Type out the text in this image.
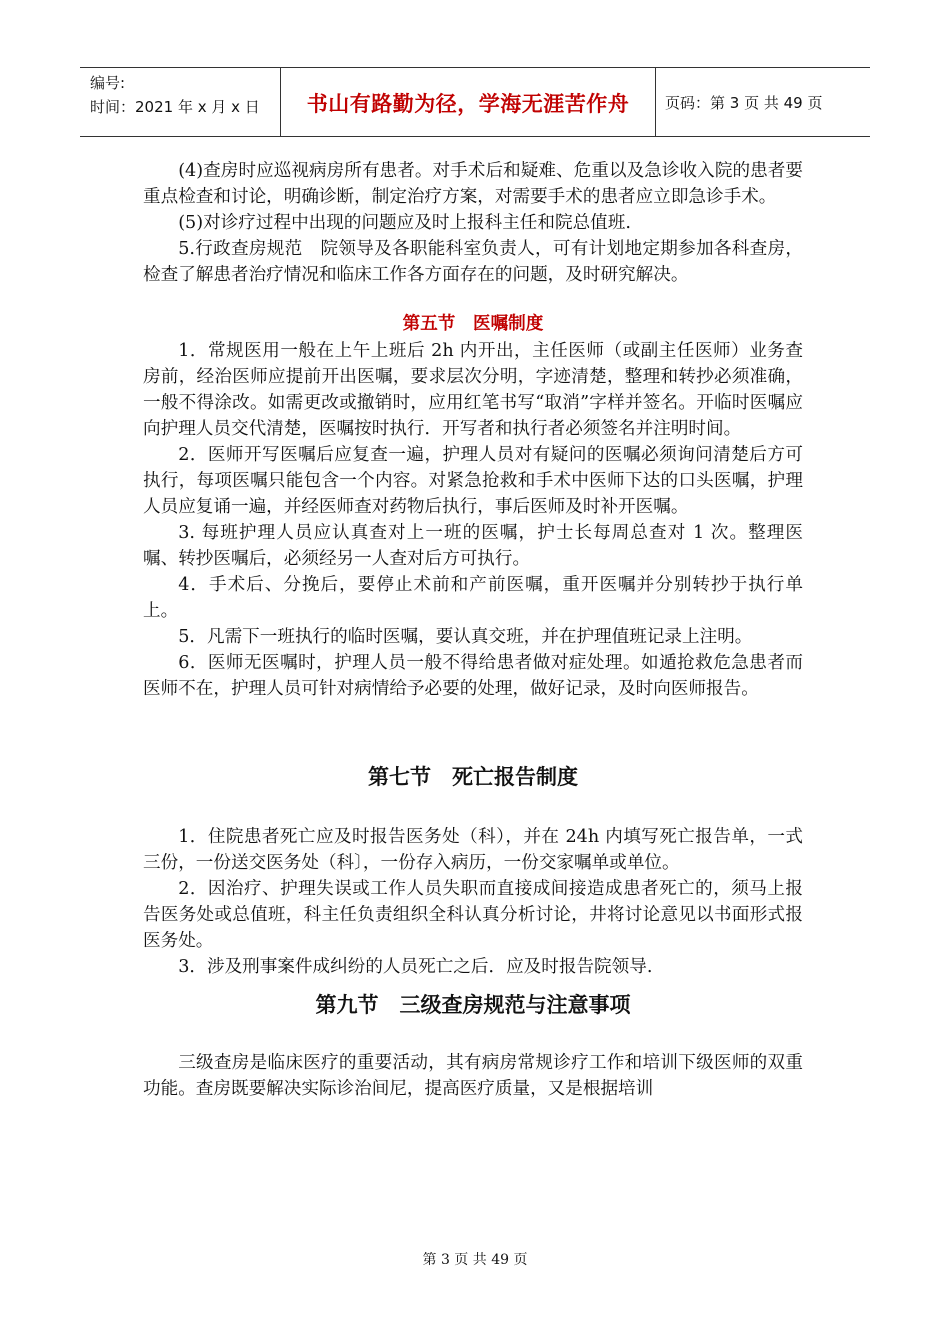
编号:
时间：2021 年 x 月 x 日	书山有路勤为径，学海无涯苦作舟	页码：第 3 页 共 49 页

(4)查房时应巡视病房所有患者。对手术后和疑难、危重以及急诊收入院的患者要重点检查和讨论，明确诊断，制定治疗方案，对需要手术的患者应立即急诊手术。

(5)对诊疗过程中出现的问题应及时上报科主任和院总值班.

5.行政查房规范　院领导及各职能科室负责人，可有计划地定期参加各科查房，检查了解患者治疗情况和临床工作各方面存在的问题，及时研究解决。

第五节　医嘱制度

1．常规医用一般在上午上班后 2h 内开出，主任医师（或副主任医师）业务查房前，经治医师应提前开出医嘱，要求层次分明，字迹清楚，整理和转抄必须准确，一般不得涂改。如需更改或撤销时，应用红笔书写“取消”字样并签名。开临时医嘱应向护理人员交代清楚，医嘱按时执行．开写者和执行者必须签名并注明时间。

2．医师开写医嘱后应复查一遍，护理人员对有疑问的医嘱必须询问清楚后方可执行，每项医嘱只能包含一个内容。对紧急抢救和手术中医师下达的口头医嘱，护理人员应复诵一遍，并经医师查对药物后执行，事后医师及时补开医嘱。

3. 每班护理人员应认真查对上一班的医嘱，护士长每周总查对 1 次。整理医嘱、转抄医嘱后，必须经另一人查对后方可执行。

4．手术后、分挽后，要停止术前和产前医嘱，重开医嘱并分别转抄于执行单上。

5．凡需下一班执行的临时医嘱，要认真交班，并在护理值班记录上注明。

6．医师无医嘱时，护理人员一般不得给患者做对症处理。如遁抢救危急患者而医师不在，护理人员可针对病情给予必要的处理，做好记录，及时向医师报告。

第七节　死亡报告制度

1．住院患者死亡应及时报告医务处（科），并在 24h 内填写死亡报告单，一式三份，一份送交医务处（科〕，一份存入病历，一份交家嘱单或单位。

2．因治疗、护理失误或工作人员失职而直接成间接造成患者死亡的，须马上报告医务处或总值班，科主任负责组织全科认真分析讨论，井将讨论意见以书面形式报医务处。

3．涉及刑事案件成纠纷的人员死亡之后．应及时报告院领导.

第九节　三级查房规范与注意事项

三级查房是临床医疗的重要活动，其有病房常规诊疗工作和培训下级医师的双重功能。查房既要解决实际诊治间尼，提高医疗质量，又是根据培训

第 3 页 共 49 页
